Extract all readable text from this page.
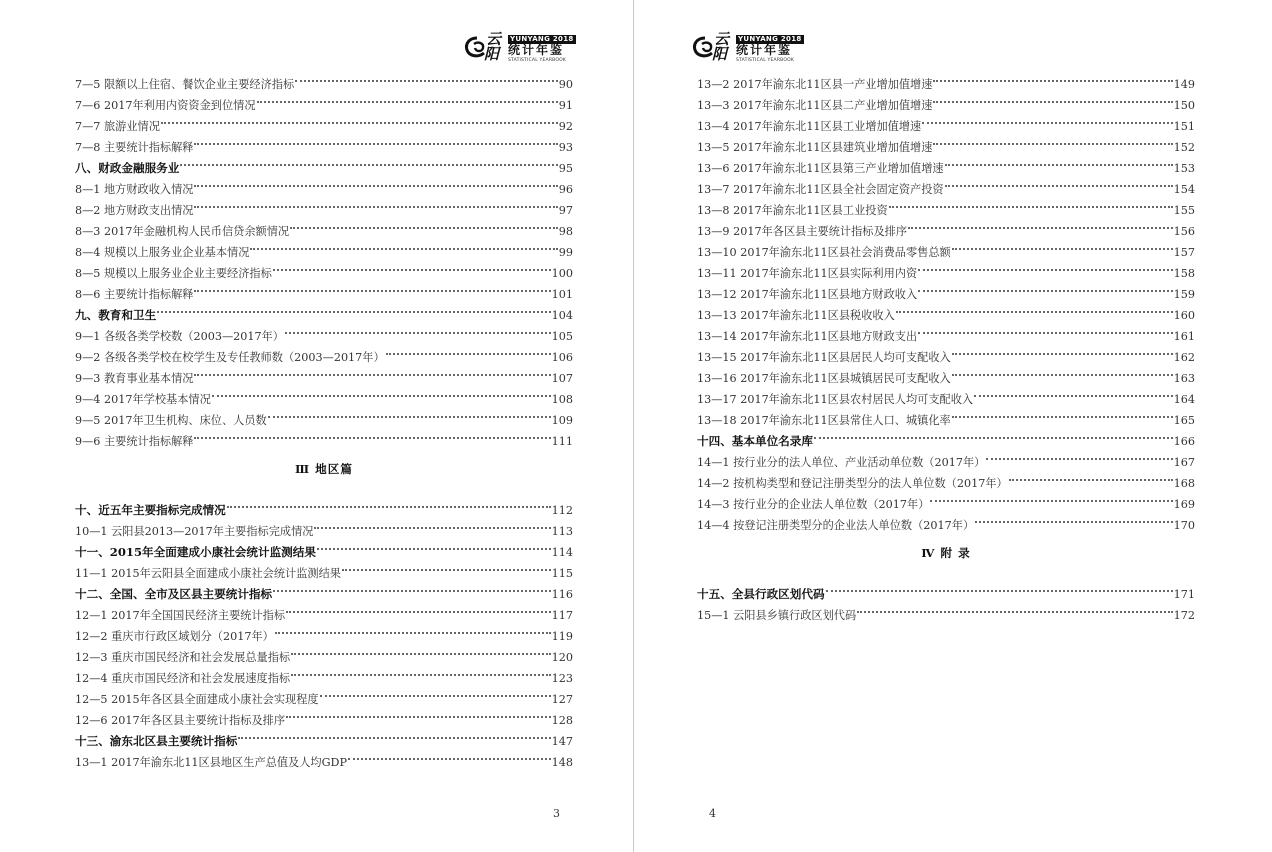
云
阳
YUNYANG 2018
统计年鉴
STATISTICAL YEARBOOK
7—5 限额以上住宿、餐饮企业主要经济指标	90
7—6 2017年利用内资资金到位情况	91
7—7 旅游业情况	92
7—8 主要统计指标解释	93
八、财政金融服务业	95
8—1 地方财政收入情况	96
8—2 地方财政支出情况	97
8—3 2017年金融机构人民币信贷余额情况	98
8—4 规模以上服务业企业基本情况	99
8—5 规模以上服务业企业主要经济指标	100
8—6 主要统计指标解释	101
九、教育和卫生	104
9—1 各级各类学校数（2003—2017年）	105
9—2 各级各类学校在校学生及专任教师数（2003—2017年）	106
9—3 教育事业基本情况	107
9—4 2017年学校基本情况	108
9—5 2017年卫生机构、床位、人员数	109
9—6 主要统计指标解释	111
Ⅲ 地区篇
十、近五年主要指标完成情况	112
10—1 云阳县2013—2017年主要指标完成情况	113
十一、2015年全面建成小康社会统计监测结果	114
11—1 2015年云阳县全面建成小康社会统计监测结果	115
十二、全国、全市及区县主要统计指标	116
12—1 2017年全国国民经济主要统计指标	117
12—2 重庆市行政区域划分（2017年）	119
12—3 重庆市国民经济和社会发展总量指标	120
12—4 重庆市国民经济和社会发展速度指标	123
12—5 2015年各区县全面建成小康社会实现程度	127
12—6 2017年各区县主要统计指标及排序	128
十三、渝东北区县主要统计指标	147
13—1 2017年渝东北11区县地区生产总值及人均GDP	148
3
云
阳
YUNYANG 2018
统计年鉴
STATISTICAL YEARBOOK
13—2 2017年渝东北11区县一产业增加值增速	149
13—3 2017年渝东北11区县二产业增加值增速	150
13—4 2017年渝东北11区县工业增加值增速	151
13—5 2017年渝东北11区县建筑业增加值增速	152
13—6 2017年渝东北11区县第三产业增加值增速	153
13—7 2017年渝东北11区县全社会固定资产投资	154
13—8 2017年渝东北11区县工业投资	155
13—9 2017年各区县主要统计指标及排序	156
13—10 2017年渝东北11区县社会消费品零售总额	157
13—11 2017年渝东北11区县实际利用内资	158
13—12 2017年渝东北11区县地方财政收入	159
13—13 2017年渝东北11区县税收收入	160
13—14 2017年渝东北11区县地方财政支出	161
13—15 2017年渝东北11区县居民人均可支配收入	162
13—16 2017年渝东北11区县城镇居民可支配收入	163
13—17 2017年渝东北11区县农村居民人均可支配收入	164
13—18 2017年渝东北11区县常住人口、城镇化率	165
十四、基本单位名录库	166
14—1 按行业分的法人单位、产业活动单位数（2017年）	167
14—2 按机构类型和登记注册类型分的法人单位数（2017年）	168
14—3 按行业分的企业法人单位数（2017年）	169
14—4 按登记注册类型分的企业法人单位数（2017年）	170
Ⅳ 附 录
十五、全县行政区划代码	171
15—1 云阳县乡镇行政区划代码	172
4
